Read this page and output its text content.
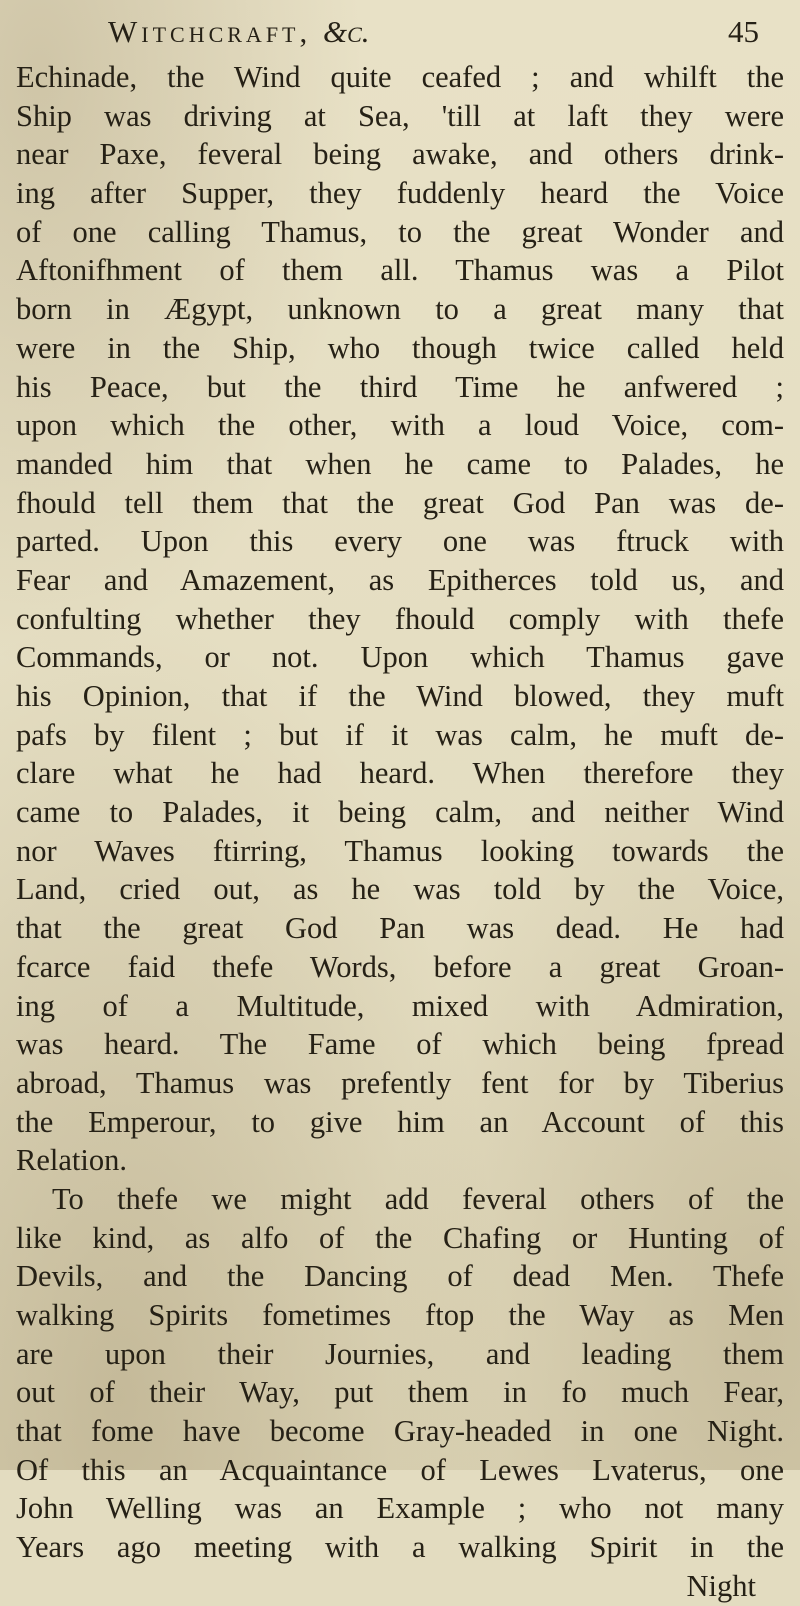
Witchcraft, &c.	45
Echinade, the Wind quite ceafed ; and whilft the
Ship was driving at Sea, 'till at laft they were
near Paxe, feveral being awake, and others drink-
ing after Supper, they fuddenly heard the Voice
of one calling Thamus, to the great Wonder and
Aftonifhment of them all. Thamus was a Pilot
born in Ægypt, unknown to a great many that
were in the Ship, who though twice called held
his Peace, but the third Time he anfwered ;
upon which the other, with a loud Voice, com-
manded him that when he came to Palades, he
fhould tell them that the great God Pan was de-
parted. Upon this every one was ftruck with
Fear and Amazement, as Epitherces told us, and
confulting whether they fhould comply with thefe
Commands, or not. Upon which Thamus gave
his Opinion, that if the Wind blowed, they muft
pafs by filent ; but if it was calm, he muft de-
clare what he had heard. When therefore they
came to Palades, it being calm, and neither Wind
nor Waves ftirring, Thamus looking towards the
Land, cried out, as he was told by the Voice,
that the great God Pan was dead. He had
fcarce faid thefe Words, before a great Groan-
ing of a Multitude, mixed with Admiration,
was heard. The Fame of which being fpread
abroad, Thamus was prefently fent for by Tiberius
the Emperour, to give him an Account of this
Relation.
To thefe we might add feveral others of the
like kind, as alfo of the Chafing or Hunting of
Devils, and the Dancing of dead Men. Thefe
walking Spirits fometimes ftop the Way as Men
are upon their Journies, and leading them
out of their Way, put them in fo much Fear,
that fome have become Gray-headed in one Night.
Of this an Acquaintance of Lewes Lvaterus, one
John Welling was an Example ; who not many
Years ago meeting with a walking Spirit in the
Night
